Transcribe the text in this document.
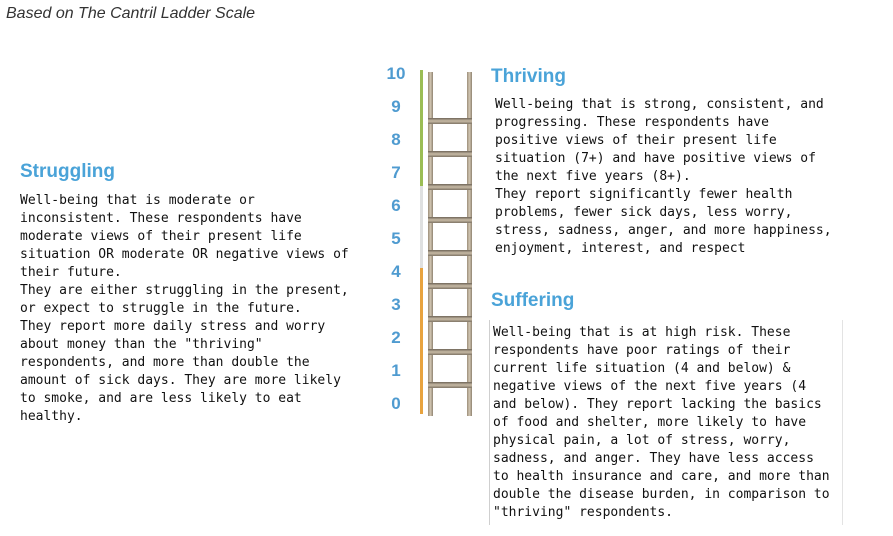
Based on The Cantril Ladder Scale
Struggling
Well-being that is moderate or
inconsistent. These respondents have
moderate views of their present life
situation OR moderate OR negative views of
their future.
They are either struggling in the present,
or expect to struggle in the future.
They report more daily stress and worry
about money than the "thriving"
respondents, and more than double the
amount of sick days. They are more likely
to smoke, and are less likely to eat
healthy.
10
9
8
7
6
5
4
3
2
1
0
Thriving
Well-being that is strong, consistent, and
progressing. These respondents have
positive views of their present life
situation (7+) and have positive views of
the next five years (8+).
They report significantly fewer health
problems, fewer sick days, less worry,
stress, sadness, anger, and more happiness,
enjoyment, interest, and respect
Suffering
Well-being that is at high risk. These
respondents have poor ratings of their
current life situation (4 and below) &
negative views of the next five years (4
and below). They report lacking the basics
of food and shelter, more likely to have
physical pain, a lot of stress, worry,
sadness, and anger. They have less access
to health insurance and care, and more than
double the disease burden, in comparison to
"thriving" respondents.
